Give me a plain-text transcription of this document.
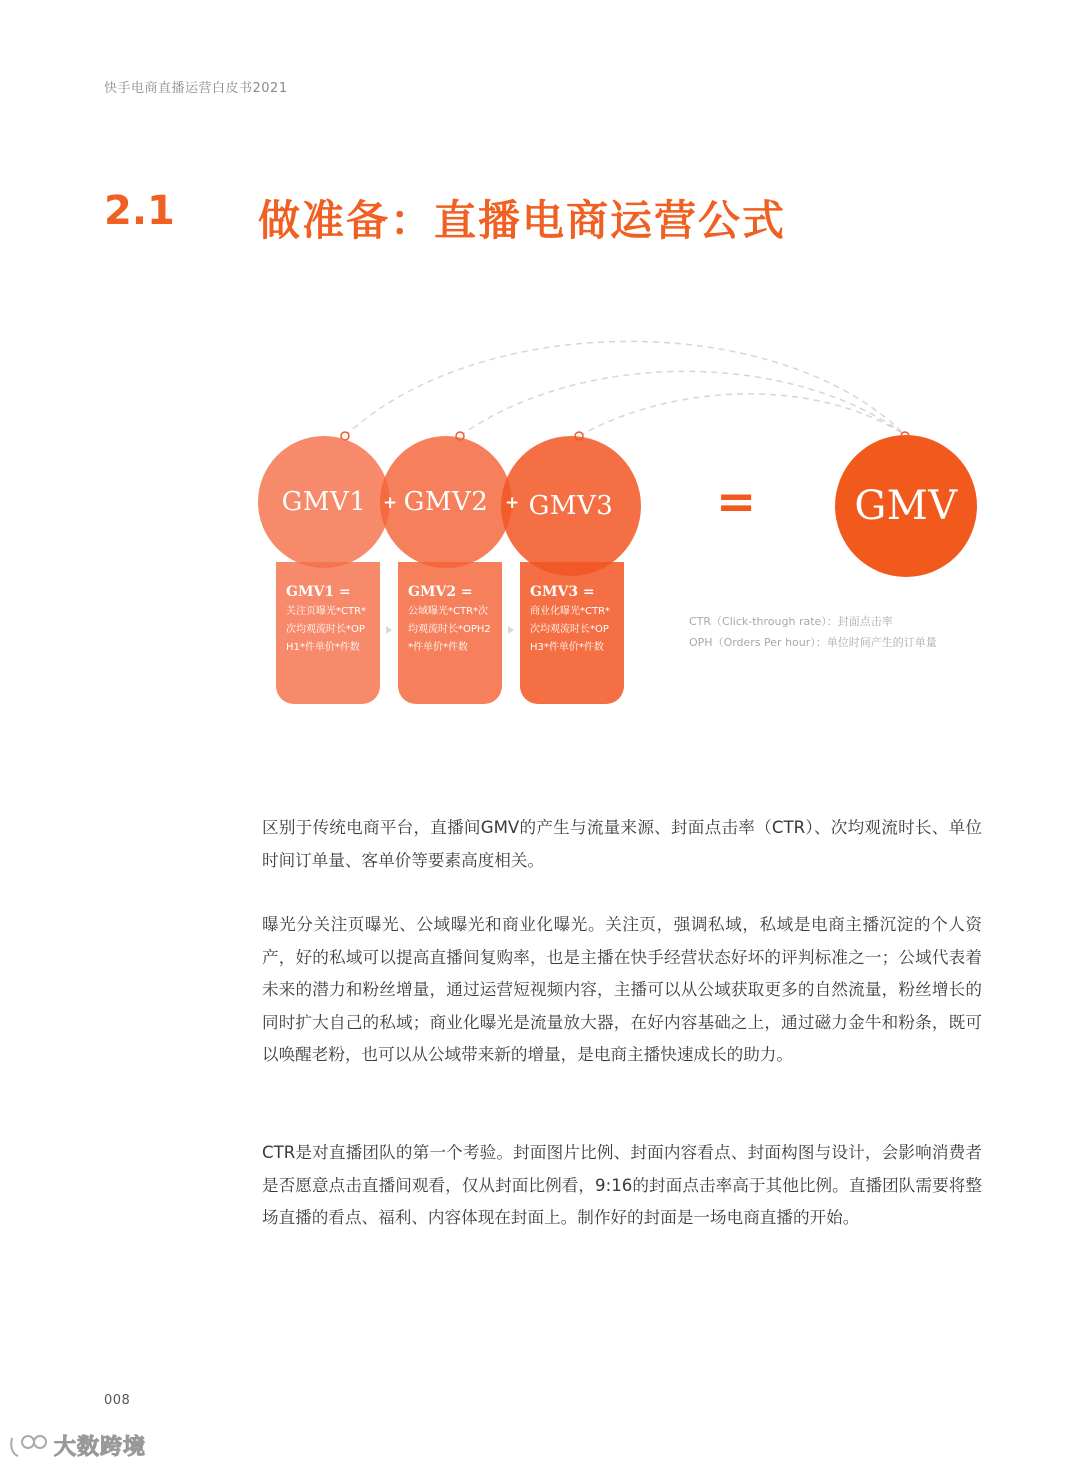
快手电商直播运营白皮书2021
2.1 做准备：直播电商运营公式
GMV1 =
关注页曝光*CTR*次均观流时长*OPH1*件单价*件数
GMV2 =
公域曝光*CTR*次均观流时长*OPH2*件单价*件数
GMV3 =
商业化曝光*CTR*次均观流时长*OPH3*件单价*件数
GMV1 GMV2 GMV3
+	+	= GMV
CTR（Click-through rate）：封面点击率
OPH（Orders Per hour）：单位时间产生的订单量

区别于传统电商平台，直播间GMV的产生与流量来源、封面点击率（CTR）、次均观流时长、单位时间订单量、客单价等要素高度相关。

曝光分关注页曝光、公域曝光和商业化曝光。关注页，强调私域，私域是电商主播沉淀的个人资产，好的私域可以提高直播间复购率，也是主播在快手经营状态好坏的评判标准之一；公域代表着未来的潜力和粉丝增量，通过运营短视频内容，主播可以从公域获取更多的自然流量，粉丝增长的同时扩大自己的私域；商业化曝光是流量放大器，在好内容基础之上，通过磁力金牛和粉条，既可以唤醒老粉，也可以从公域带来新的增量，是电商主播快速成长的助力。

CTR是对直播团队的第一个考验。封面图片比例、封面内容看点、封面构图与设计，会影响消费者是否愿意点击直播间观看，仅从封面比例看，9:16的封面点击率高于其他比例。直播团队需要将整场直播的看点、福利、内容体现在封面上。制作好的封面是一场电商直播的开始。

008
大数跨境
